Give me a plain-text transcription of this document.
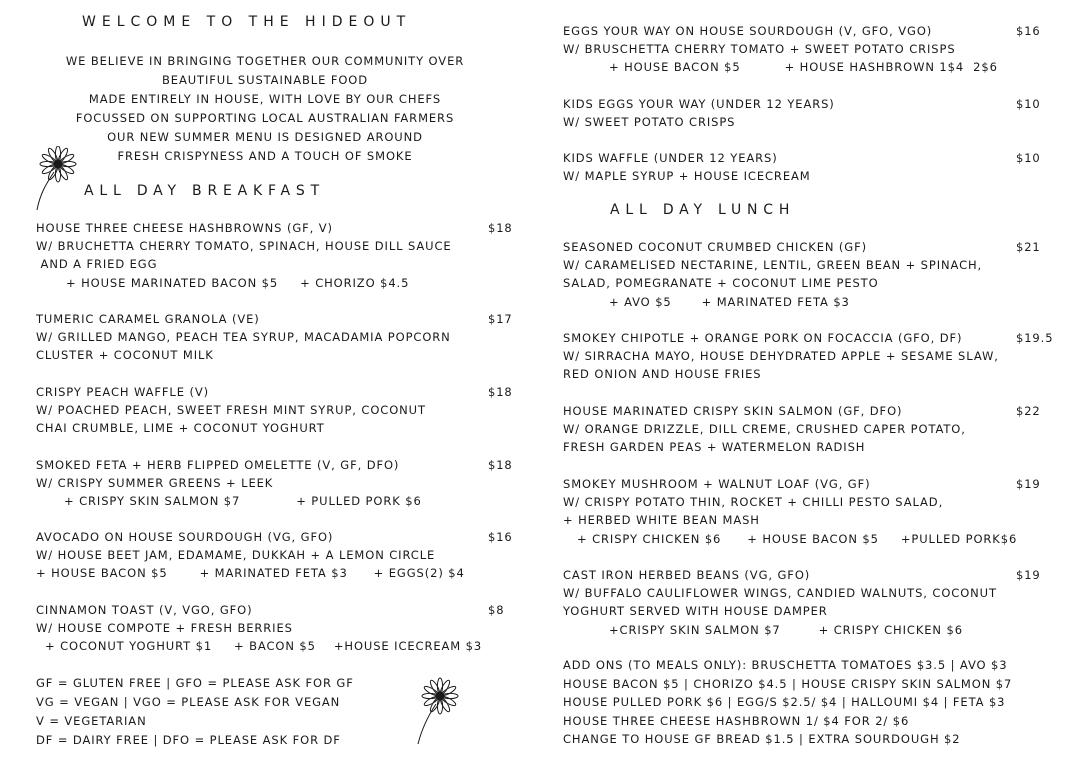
WELCOME TO THE HIDEOUT
WE BELIEVE IN BRINGING TOGETHER OUR COMMUNITY OVER
BEAUTIFUL SUSTAINABLE FOOD
MADE ENTIRELY IN HOUSE, WITH LOVE BY OUR CHEFS
FOCUSSED ON SUPPORTING LOCAL AUSTRALIAN FARMERS
OUR NEW SUMMER MENU IS DESIGNED AROUND
FRESH CRISPYNESS AND A TOUCH OF SMOKE
ALL DAY BREAKFAST
HOUSE THREE CHEESE HASHBROWNS (GF, V)	$18
W/ BRUCHETTA CHERRY TOMATO, SPINACH, HOUSE DILL SAUCE
AND A FRIED EGG
+ HOUSE MARINATED BACON $5 + CHORIZO $4.5
TUMERIC CARAMEL GRANOLA (VE)	$17
W/ GRILLED MANGO, PEACH TEA SYRUP, MACADAMIA POPCORN
CLUSTER + COCONUT MILK
CRISPY PEACH WAFFLE (V)	$18
W/ POACHED PEACH, SWEET FRESH MINT SYRUP, COCONUT
CHAI CRUMBLE, LIME + COCONUT YOGHURT
SMOKED FETA + HERB FLIPPED OMELETTE (V, GF, DFO)	$18
W/ CRISPY SUMMER GREENS + LEEK
+ CRISPY SKIN SALMON $7	+ PULLED PORK $6
AVOCADO ON HOUSE SOURDOUGH (VG, GFO)	$16
W/ HOUSE BEET JAM, EDAMAME, DUKKAH + A LEMON CIRCLE
+ HOUSE BACON $5	+ MARINATED FETA $3 + EGGS(2) $4
CINNAMON TOAST (V, VGO, GFO)	$8
W/ HOUSE COMPOTE + FRESH BERRIES
+ COCONUT YOGHURT $1 + BACON $5 +HOUSE ICECREAM $3
GF = GLUTEN FREE | GFO = PLEASE ASK FOR GF
VG = VEGAN | VGO = PLEASE ASK FOR VEGAN
V = VEGETARIAN
DF = DAIRY FREE | DFO = PLEASE ASK FOR DF
EGGS YOUR WAY ON HOUSE SOURDOUGH (V, GFO, VGO)	$16
W/ BRUSCHETTA CHERRY TOMATO + SWEET POTATO CRISPS
+ HOUSE BACON $5	+ HOUSE HASHBROWN 1$4  2$6
KIDS EGGS YOUR WAY (UNDER 12 YEARS)	$10
W/ SWEET POTATO CRISPS
KIDS WAFFLE (UNDER 12 YEARS)	$10
W/ MAPLE SYRUP + HOUSE ICECREAM
ALL DAY LUNCH
SEASONED COCONUT CRUMBED CHICKEN (GF)	$21
W/ CARAMELISED NECTARINE, LENTIL, GREEN BEAN + SPINACH,
SALAD, POMEGRANATE + COCONUT LIME PESTO
+ AVO $5	+ MARINATED FETA $3
SMOKEY CHIPOTLE + ORANGE PORK ON FOCACCIA (GFO, DF)	$19.5
W/ SIRRACHA MAYO, HOUSE DEHYDRATED APPLE + SESAME SLAW,
RED ONION AND HOUSE FRIES
HOUSE MARINATED CRISPY SKIN SALMON (GF, DFO)	$22
W/ ORANGE DRIZZLE, DILL CREME, CRUSHED CAPER POTATO,
FRESH GARDEN PEAS + WATERMELON RADISH
SMOKEY MUSHROOM + WALNUT LOAF (VG, GF)	$19
W/ CRISPY POTATO THIN, ROCKET + CHILLI PESTO SALAD,
+ HERBED WHITE BEAN MASH
+ CRISPY CHICKEN $6 + HOUSE BACON $5 +PULLED PORK$6
CAST IRON HERBED BEANS (VG, GFO)	$19
W/ BUFFALO CAULIFLOWER WINGS, CANDIED WALNUTS, COCONUT
YOGHURT SERVED WITH HOUSE DAMPER
+CRISPY SKIN SALMON $7	+ CRISPY CHICKEN $6
ADD ONS (TO MEALS ONLY): BRUSCHETTA TOMATOES $3.5 | AVO $3
HOUSE BACON $5 | CHORIZO $4.5 | HOUSE CRISPY SKIN SALMON $7
HOUSE PULLED PORK $6 | EGG/S $2.5/ $4 | HALLOUMI $4 | FETA $3
HOUSE THREE CHEESE HASHBROWN 1/ $4 FOR 2/ $6
CHANGE TO HOUSE GF BREAD $1.5 | EXTRA SOURDOUGH $2
